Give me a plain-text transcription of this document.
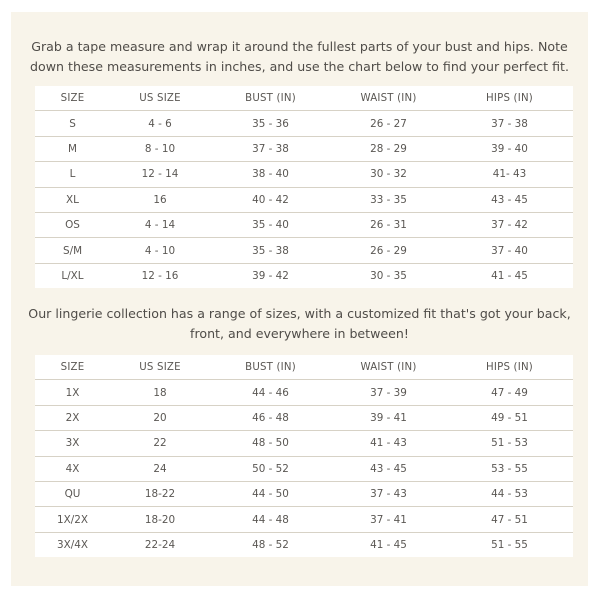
Grab a tape measure and wrap it around the fullest parts of your bust and hips. Note
down these measurements in inches, and use the chart below to find your perfect fit.
SIZE	US SIZE	BUST (IN)	WAIST (IN)	HIPS (IN)
S	4 - 6	35 - 36	26 - 27	37 - 38
M	8 - 10	37 - 38	28 - 29	39 - 40
L	12 - 14	38 - 40	30 - 32	41- 43
XL	16	40 - 42	33 - 35	43 - 45
OS	4 - 14	35 - 40	26 - 31	37 - 42
S/M	4 - 10	35 - 38	26 - 29	37 - 40
L/XL	12 - 16	39 - 42	30 - 35	41 - 45
Our lingerie collection has a range of sizes, with a customized fit that's got your back,
front, and everywhere in between!
SIZE	US SIZE	BUST (IN)	WAIST (IN)	HIPS (IN)
1X	18	44 - 46	37 - 39	47 - 49
2X	20	46 - 48	39 - 41	49 - 51
3X	22	48 - 50	41 - 43	51 - 53
4X	24	50 - 52	43 - 45	53 - 55
QU	18-22	44 - 50	37 - 43	44 - 53
1X/2X	18-20	44 - 48	37 - 41	47 - 51
3X/4X	22-24	48 - 52	41 - 45	51 - 55
